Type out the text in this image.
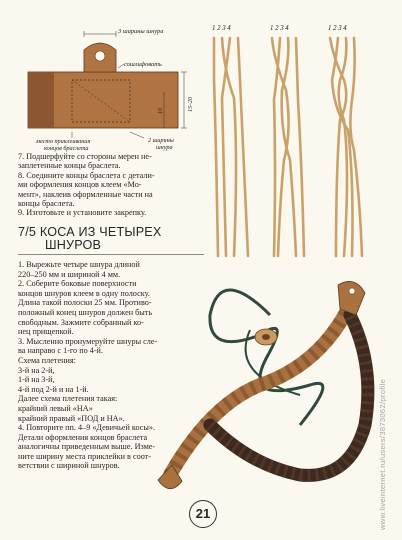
3 ширины шнура
сошлифовать
15–20
10
место приклеивания
концов браслета
2 ширины
шнура
1 2 3 4	1 2 3 4	1 2 3 4

7. Подшерфуйте со стороны мерен не-

заплетенные концы браслета.

8. Соедините концы браслета с детали-

ми оформления концов клеем «Мо-

мент», наклеив оформленные части на

концы браслета.

9. Изготовьте и установите закрепку.

7/5 КОСА ИЗ ЧЕТЫРЕХ
ШНУРОВ

1. Вырежьте четыре шнура длиной

220–250 мм и шириной 4 мм.

2. Соберите боковые поверхности

концов шнуров клеем в одну полоску.

Длина такой полоски 25 мм. Противо-

положный конец шнуров должен быть

свободным. Зажмите собранный ко-

нец прищепкой.

3. Мысленно пронумеруйте шнуры сле-

ва направо с 1-го по 4-й.

Схема плетения:

3-й на 2-й,

1-й на 3-й,

4-й под 2-й и на 1-й.

Далее схема плетения такая:

крайний левый «НА»

крайний правый «ПОД и НА».

4. Повторите пп. 4–9 «Девичьей косы».

Детали оформления концов браслета

аналогичны приведенным выше. Изме-

ните ширину места приклейки в соот-

ветствии с шириной шнуров.	www.liveinternet.ru/users/3873062/profile
21
